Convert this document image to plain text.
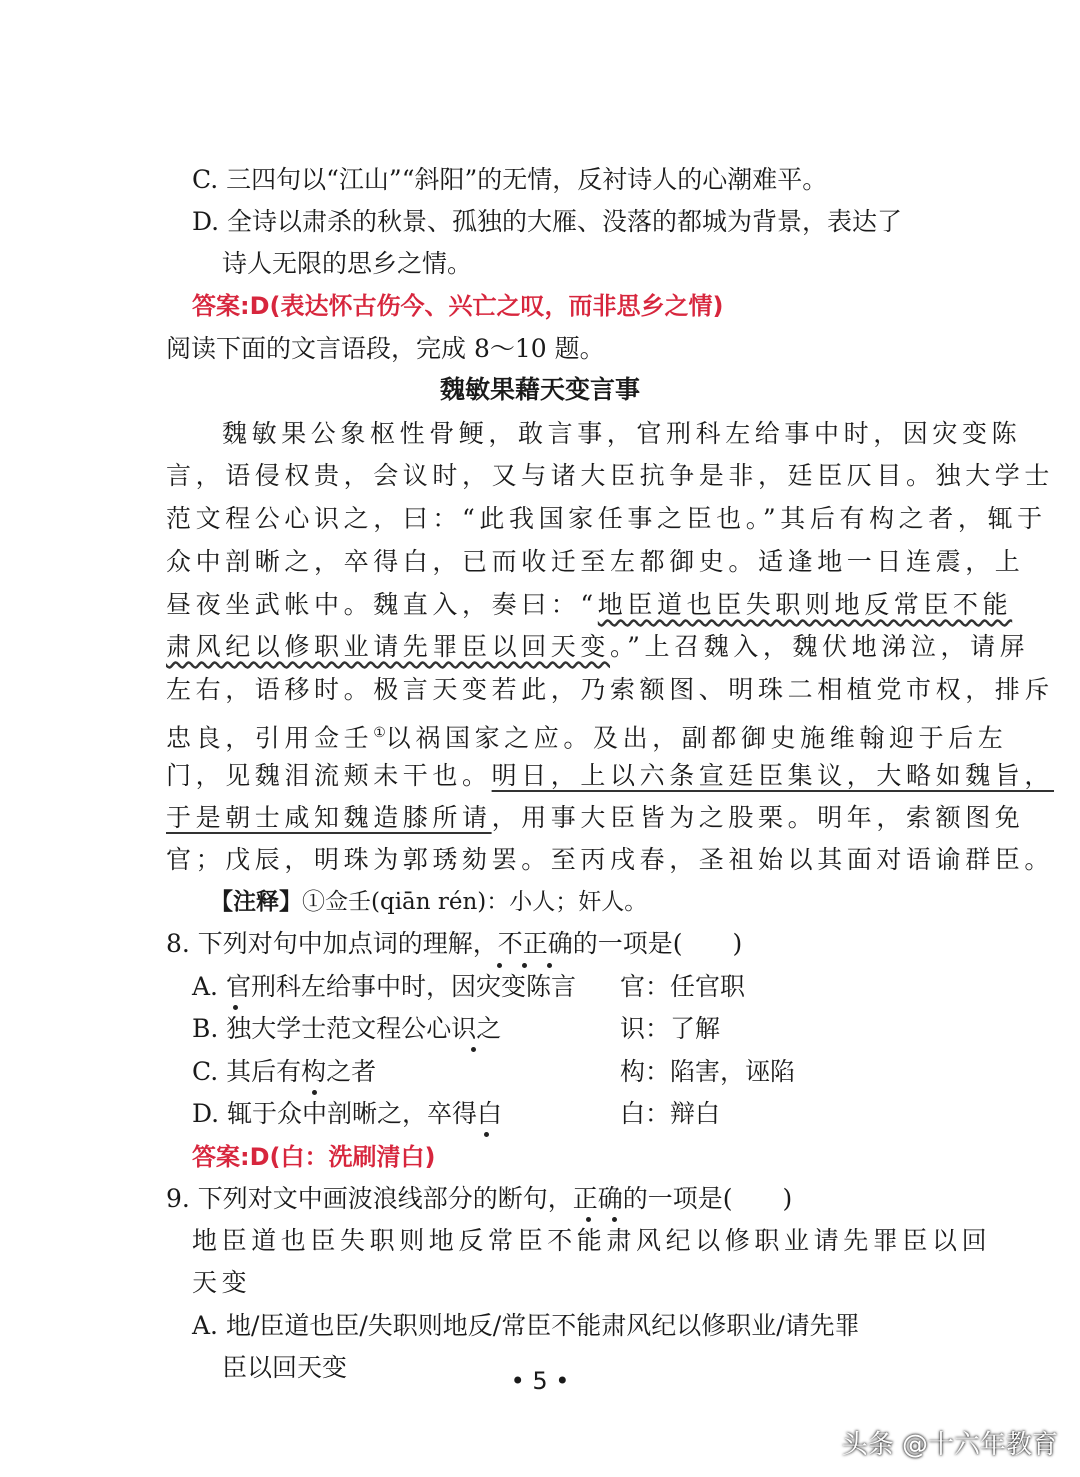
C. 三四句以“江山”“斜阳”的无情，反衬诗人的心潮难平。
D. 全诗以肃杀的秋景、孤独的大雁、没落的都城为背景，表达了
诗人无限的思乡之情。
答案:D(表达怀古伤今、兴亡之叹，而非思乡之情)
阅读下面的文言语段，完成 8～10 题。
魏敏果藉天变言事
魏敏果公象枢性骨鲠，敢言事，官刑科左给事中时，因灾变陈
言，语侵权贵，会议时，又与诸大臣抗争是非，廷臣仄目。独大学士
范文程公心识之，曰：“此我国家任事之臣也。”其后有构之者，辄于
众中剖晰之，卒得白，已而收迁至左都御史。适逢地一日连震，上
昼夜坐武帐中。魏直入，奏曰：“地臣道也臣失职则地反常臣不能
肃风纪以修职业请先罪臣以回天变。”上召魏入，魏伏地涕泣，请屏
左右，语移时。极言天变若此，乃索额图、明珠二相植党市权，排斥
忠良，引用佥壬①以祸国家之应。及出，副都御史施维翰迎于后左
门，见魏泪流颊未干也。明日，上以六条宣廷臣集议，大略如魏旨，
于是朝士咸知魏造膝所请，用事大臣皆为之股栗。明年，索额图免
官；戊辰，明珠为郭琇劾罢。至丙戌春，圣祖始以其面对语谕群臣。
【注释】①佥壬(qiān rén)：小人；奸人。
8. 下列对句中加点词的理解，不正确的一项是(　　)
A. 官刑科左给事中时，因灾变陈言 官：任官职
B. 独大学士范文程公心识之	识：了解
C. 其后有构之者	构：陷害，诬陷
D. 辄于众中剖晰之，卒得白	白：辩白
答案:D(白：洗刷清白)
9. 下列对文中画波浪线部分的断句，正确的一项是(　　)
地臣道也臣失职则地反常臣不能肃风纪以修职业请先罪臣以回
天变
A. 地/臣道也臣/失职则地反/常臣不能肃风纪以修职业/请先罪
臣以回天变	• 5 •
头条 @十六年教育
